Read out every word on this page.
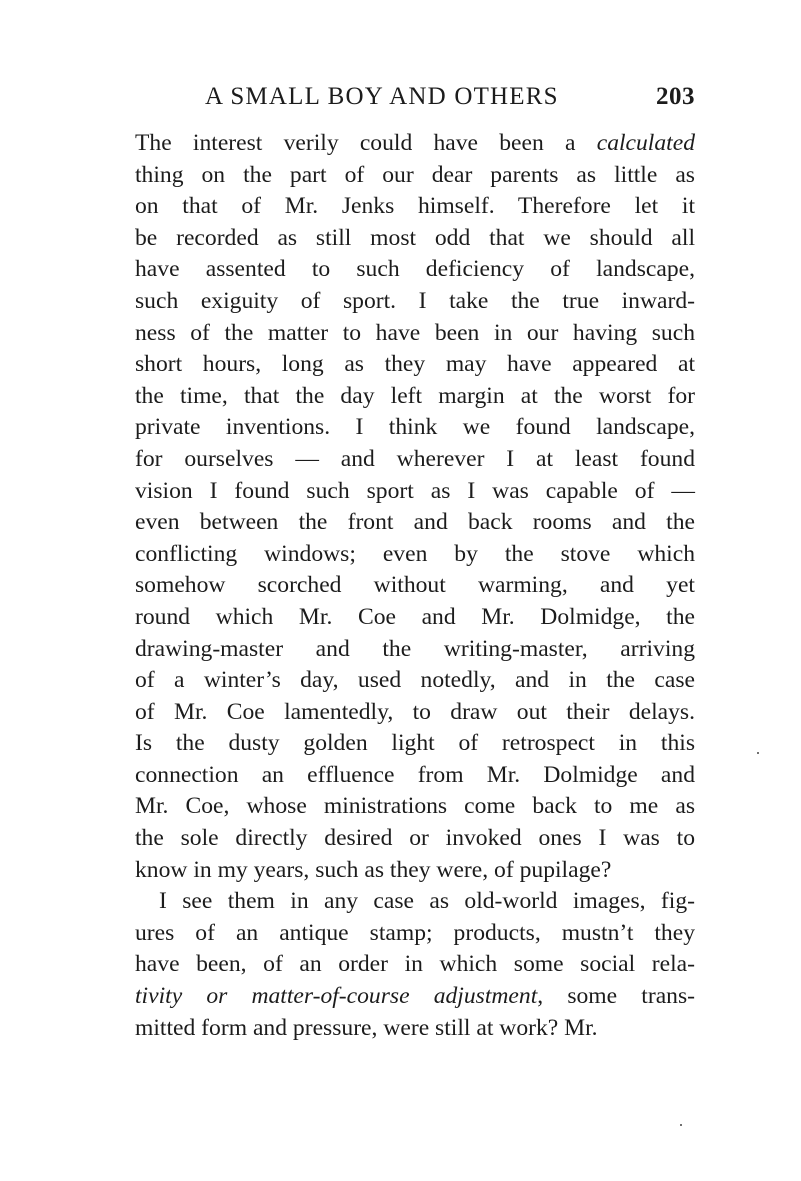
A SMALL BOY AND OTHERS	203
The interest verily could have been a calculated
thing on the part of our dear parents as little as
on that of Mr. Jenks himself. Therefore let it
be recorded as still most odd that we should all
have assented to such deficiency of landscape,
such exiguity of sport. I take the true inward-
ness of the matter to have been in our having such
short hours, long as they may have appeared at
the time, that the day left margin at the worst for
private inventions. I think we found landscape,
for ourselves — and wherever I at least found
vision I found such sport as I was capable of —
even between the front and back rooms and the
conflicting windows; even by the stove which
somehow scorched without warming, and yet
round which Mr. Coe and Mr. Dolmidge, the
drawing-master and the writing-master, arriving
of a winter’s day, used notedly, and in the case
of Mr. Coe lamentedly, to draw out their delays.
Is the dusty golden light of retrospect in this
connection an effluence from Mr. Dolmidge and
Mr. Coe, whose ministrations come back to me as
the sole directly desired or invoked ones I was to
know in my years, such as they were, of pupilage?
I see them in any case as old-world images, fig-
ures of an antique stamp; products, mustn’t they
have been, of an order in which some social rela-
tivity or matter-of-course adjustment, some trans-
mitted form and pressure, were still at work? Mr.
